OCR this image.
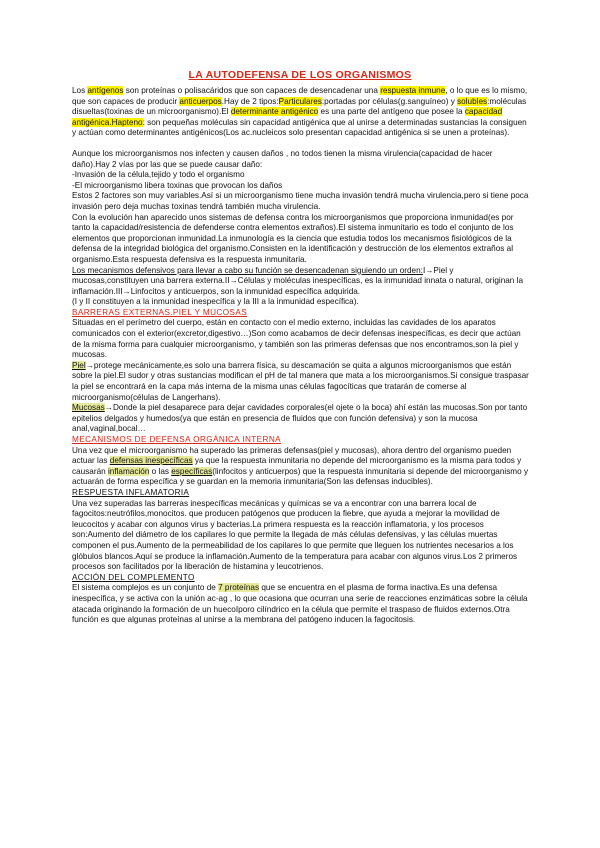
LA AUTODEFENSA DE LOS ORGANISMOS

Los antígenos son proteínas o polisacáridos que son capaces de desencadenar una respuesta inmune, o lo que es lo mismo, que son capaces de producir anticuerpos.Hay de 2 tipos:Particulares:portadas por células(g.sanguíneo) y solubles:moléculas disueltas(toxinas de un microorganismo).El determinante antigénico es una parte del antígeno que posee la capacidad antigénica.Hapteno: son pequeñas moléculas sin capacidad antigénica que al unirse a determinadas sustancias la consiguen y actúan como determinantes antigénicos(Los ac.nucleicos solo presentan capacidad antigénica si se unen a proteínas).

Aunque los microorganismos nos infecten y causen daños , no todos tienen la misma virulencia(capacidad de hacer daño).Hay 2 vías por las que se puede causar daño:

-Invasión de la célula,tejido y todo el organismo

-El microorganismo libera toxinas que provocan los daños

Estos 2 factores son muy variables.Así si un microorganismo tiene mucha invasión tendrá mucha virulencia,pero si tiene poca invasión pero deja muchas toxinas tendrá también mucha virulencia.

Con la evolución han aparecido unos sistemas de defensa contra los microorganismos que proporciona inmunidad(es por tanto la capacidad/resistencia de defenderse contra elementos extraños).El sistema inmunitario es todo el conjunto de los elementos que proporcionan inmunidad.La inmunología es la ciencia que estudia todos los mecanismos fisiológicos de la defensa de la integridad biológica del organismo.Consisten en la identificación y destrucción de los elementos extraños al organismo.Esta respuesta defensiva es la respuesta inmunitaria.

Los mecanismos defensivos para llevar a cabo su función se desencadenan siguiendo un orden:I→Piel y mucosas,constituyen una barrera externa.II→Células y moléculas inespecíficas, es la inmunidad innata o natural, originan la inflamación.III→Linfocitos y anticuerpos, son la inmunidad específica adquirida.

(I y II constituyen a la inmunidad inespecífica y la III a la inmunidad específica).

BARRERAS EXTERNAS.PIEL Y MUCOSAS

Situadas en el perímetro del cuerpo, están en contacto con el medio externo, incluidas las cavidades de los aparatos comunicados con el exterior(excretor,digestivo…)Son como acabamos de decir defensas inespecíficas, es decir que actúan de la misma forma para cualquier microorganismo, y también son las primeras defensas que nos encontramos,son la piel y mucosas.

Piel→protege mecánicamente,es solo una barrera física, su descamación se quita a algunos microorganismos que están sobre la piel.El sudor y otras sustancias modifican el pH de tal manera que mata a los microorganismos.Si consigue traspasar la piel se encontrará en la capa más interna de la misma unas células fagocíticas que tratarán de comerse al microorganismo(células de Langerhans).

Mucosas→Donde la piel desaparece para dejar cavidades corporales(el ojete o la boca) ahí están las mucosas.Son por tanto epitelios delgados y humedos(ya que están en presencia de fluidos que con función defensiva) y son la mucosa anal,vaginal,bocal…

MECANISMOS DE DEFENSA ORGÁNICA INTERNA

Una vez que el microorganismo ha superado las primeras defensas(piel y mucosas), ahora dentro del organismo pueden actuar las defensas inespecíficas ya que la respuesta inmunitaria no depende del microorganismo es la misma para todos y causarán inflamación o las específicas(linfocitos y anticuerpos) que la respuesta inmunitaria si depende del microorganismo y actuarán de forma específica y se guardan en la memoria inmunitaria(Son las defensas inducibles).

RESPUESTA INFLAMATORIA

Una vez superadas las barreras inespecíficas mecánicas y químicas se va a encontrar con una barrera local de fagocitos:neutrófilos,monocitos. que producen patógenos que producen la fiebre, que ayuda a mejorar la movilidad de leucocitos y acabar con algunos virus y bacterias.La primera respuesta es la reacción inflamatoria, y los procesos son:Aumento del diámetro de los capilares lo que permite la llegada de más células defensivas, y las células muertas componen el pus.Aumento de la permeabilidad de los capilares lo que permite que lleguen los nutrientes necesarios a los glóbulos blancos.Aquí se produce la inflamación.Aumento de la temperatura para acabar con algunos virus.Los 2 primeros procesos son facilitados por la liberación de histamina y leucotrienos.

ACCIÓN DEL COMPLEMENTO

El sistema complejos es un conjunto de 7 proteínas que se encuentra en el plasma de forma inactiva.Es una defensa inespecífica, y se activa con la unión ac-ag , lo que ocasiona que ocurran una serie de reacciones enzimáticas sobre la célula atacada originando la formación de un huecoIporo cilíndrico en la célula que permite el traspaso de fluidos externos.Otra función es que algunas proteínas al unirse a la membrana del patógeno inducen la fagocitosis.
